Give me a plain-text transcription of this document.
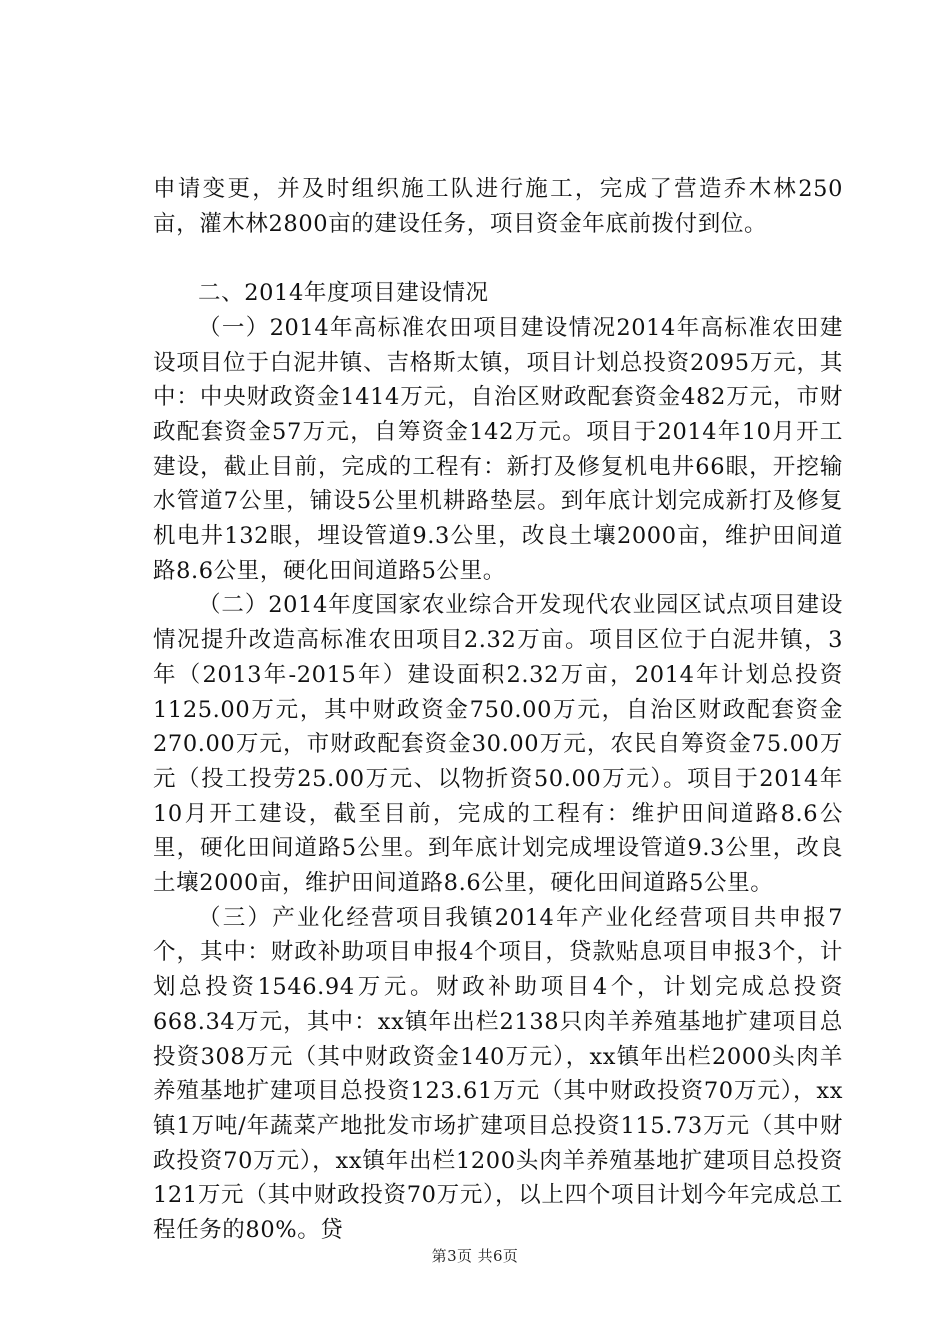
申请变更，并及时组织施工队进行施工，完成了营造乔木林250亩，灌木林2800亩的建设任务，项目资金年底前拨付到位。

二、2014年度项目建设情况

（一）2014年高标准农田项目建设情况2014年高标准农田建设项目位于白泥井镇、吉格斯太镇，项目计划总投资2095万元，其中：中央财政资金1414万元，自治区财政配套资金482万元，市财政配套资金57万元，自筹资金142万元。项目于2014年10月开工建设，截止目前，完成的工程有：新打及修复机电井66眼，开挖输水管道7公里，铺设5公里机耕路垫层。到年底计划完成新打及修复机电井132眼，埋设管道9.3公里，改良土壤2000亩，维护田间道路8.6公里，硬化田间道路5公里。

（二）2014年度国家农业综合开发现代农业园区试点项目建设情况提升改造高标准农田项目2.32万亩。项目区位于白泥井镇，3年（2013年-2015年）建设面积2.32万亩，2014年计划总投资1125.00万元，其中财政资金750.00万元，自治区财政配套资金270.00万元，市财政配套资金30.00万元，农民自筹资金75.00万元（投工投劳25.00万元、以物折资50.00万元）。项目于2014年10月开工建设，截至目前，完成的工程有：维护田间道路8.6公里，硬化田间道路5公里。到年底计划完成埋设管道9.3公里，改良土壤2000亩，维护田间道路8.6公里，硬化田间道路5公里。

（三）产业化经营项目我镇2014年产业化经营项目共申报7个，其中：财政补助项目申报4个项目，贷款贴息项目申报3个，计划总投资1546.94万元。财政补助项目4个，计划完成总投资668.34万元，其中：xx镇年出栏2138只肉羊养殖基地扩建项目总投资308万元（其中财政资金140万元），xx镇年出栏2000头肉羊养殖基地扩建项目总投资123.61万元（其中财政投资70万元），xx镇1万吨/年蔬菜产地批发市场扩建项目总投资115.73万元（其中财政投资70万元），xx镇年出栏1200头肉羊养殖基地扩建项目总投资121万元（其中财政投资70万元），以上四个项目计划今年完成总工程任务的80%。贷

第3页 共6页
